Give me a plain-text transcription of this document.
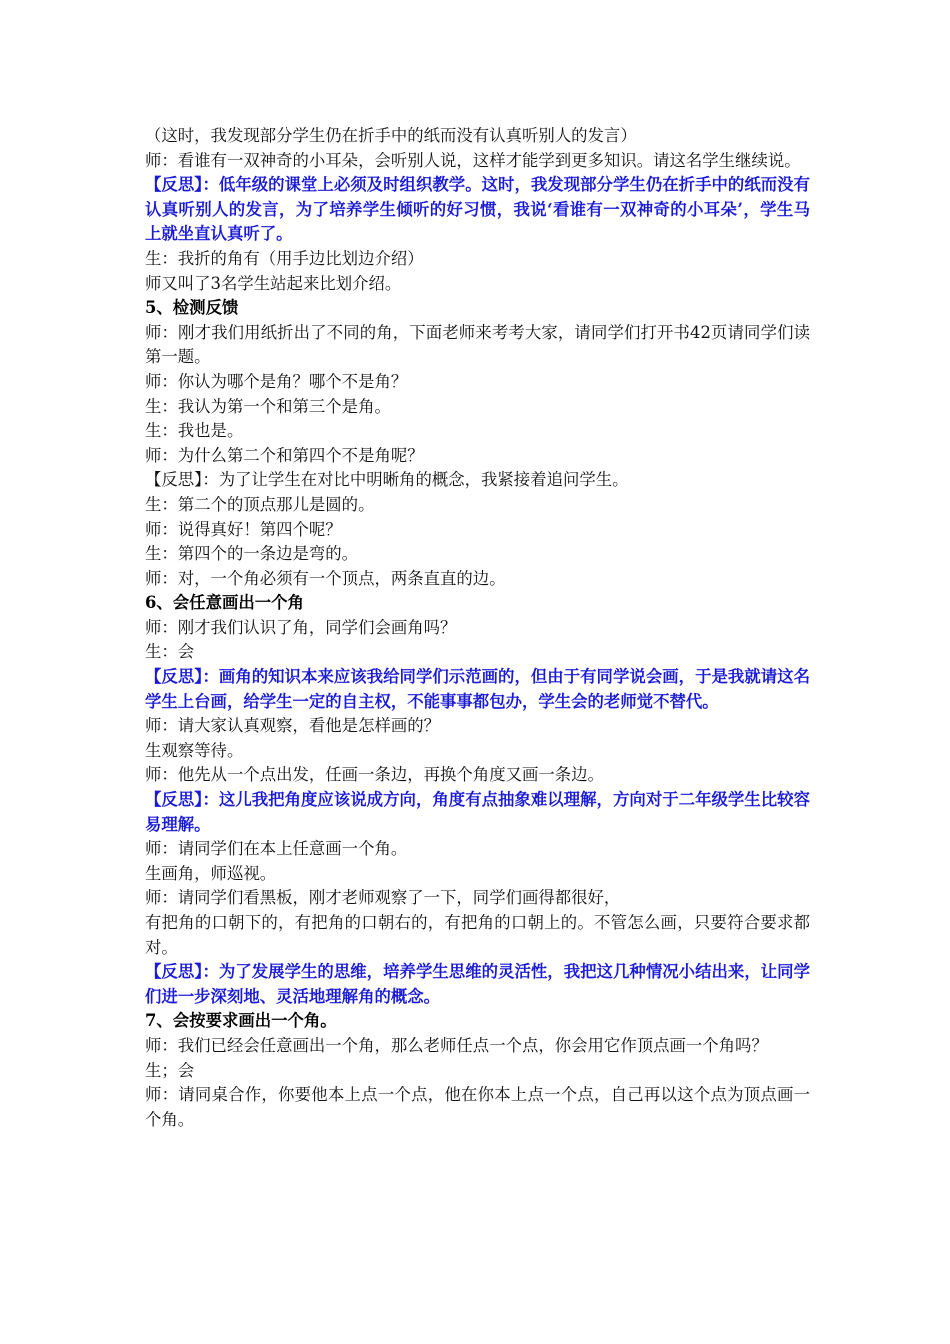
（这时，我发现部分学生仍在折手中的纸而没有认真听别人的发言）

师：看谁有一双神奇的小耳朵，会听别人说，这样才能学到更多知识。请这名学生继续说。

【反思】：低年级的课堂上必须及时组织教学。这时，我发现部分学生仍在折手中的纸而没有认真听别人的发言，为了培养学生倾听的好习惯，我说‘看谁有一双神奇的小耳朵’，学生马上就坐直认真听了。

生：我折的角有（用手边比划边介绍）

师又叫了3名学生站起来比划介绍。

5、检测反馈

师：刚才我们用纸折出了不同的角，下面老师来考考大家，请同学们打开书42页请同学们读第一题。

师：你认为哪个是角？哪个不是角？

生：我认为第一个和第三个是角。

生：我也是。

师：为什么第二个和第四个不是角呢？

【反思】：为了让学生在对比中明晰角的概念，我紧接着追问学生。

生：第二个的顶点那儿是圆的。

师：说得真好！第四个呢？

生：第四个的一条边是弯的。

师：对，一个角必须有一个顶点，两条直直的边。

6、会任意画出一个角

师：刚才我们认识了角，同学们会画角吗？

生：会

【反思】：画角的知识本来应该我给同学们示范画的，但由于有同学说会画，于是我就请这名学生上台画，给学生一定的自主权，不能事事都包办，学生会的老师觉不替代。

师：请大家认真观察，看他是怎样画的？

生观察等待。

师：他先从一个点出发，任画一条边，再换个角度又画一条边。

【反思】：这儿我把角度应该说成方向，角度有点抽象难以理解，方向对于二年级学生比较容易理解。

师：请同学们在本上任意画一个角。

生画角，师巡视。

师：请同学们看黑板，刚才老师观察了一下，同学们画得都很好，

有把角的口朝下的，有把角的口朝右的，有把角的口朝上的。不管怎么画，只要符合要求都对。

【反思】：为了发展学生的思维，培养学生思维的灵活性，我把这几种情况小结出来，让同学们进一步深刻地、灵活地理解角的概念。

7、会按要求画出一个角。

师：我们已经会任意画出一个角，那么老师任点一个点，你会用它作顶点画一个角吗？

生；会

师：请同桌合作，你要他本上点一个点，他在你本上点一个点，自己再以这个点为顶点画一个角。
